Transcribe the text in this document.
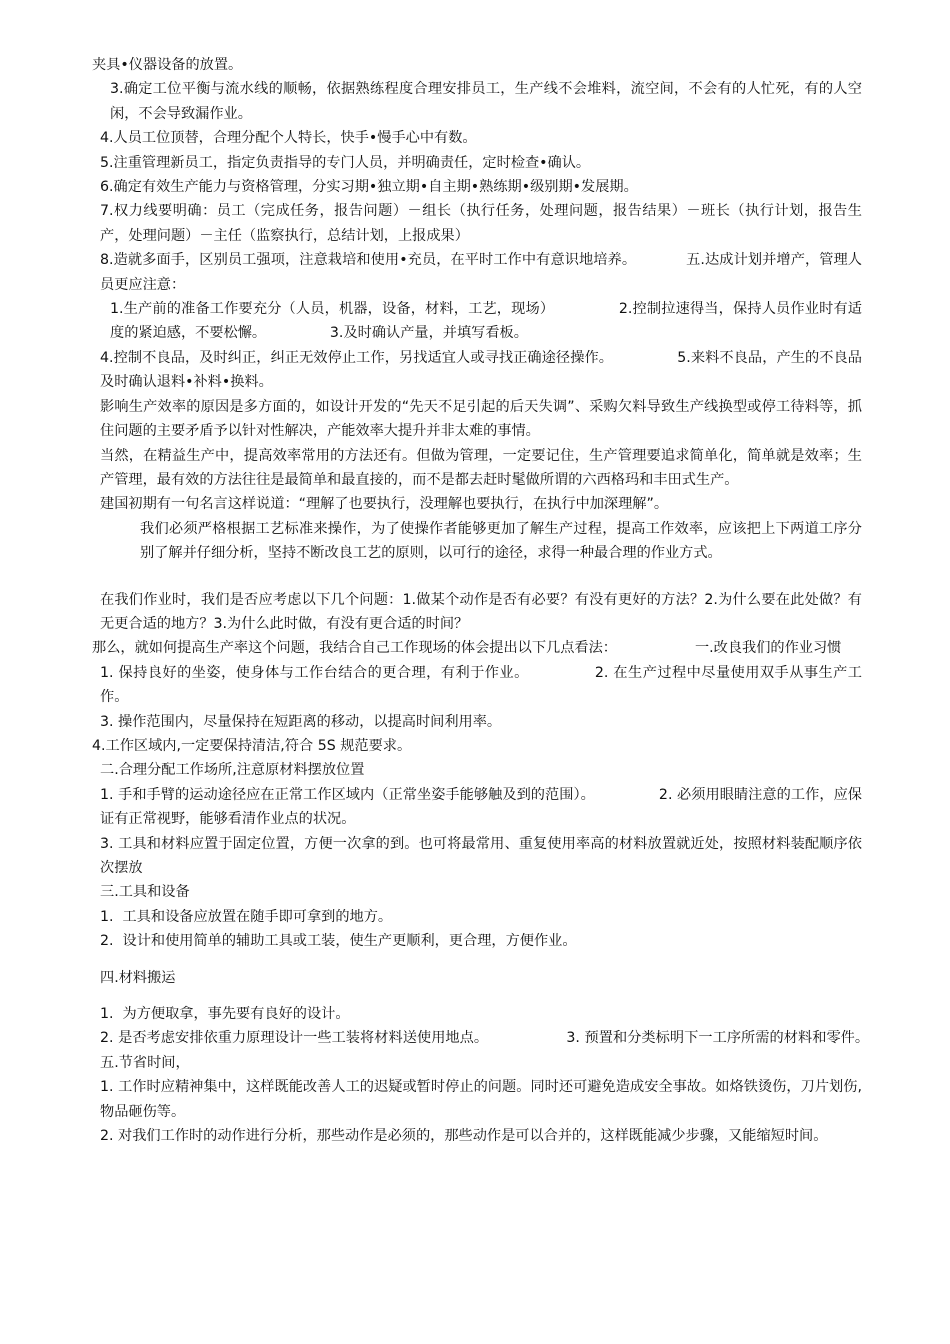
夹具•仪器设备的放置。

3.确定工位平衡与流水线的顺畅，依据熟练程度合理安排员工，生产线不会堆料，流空间，不会有的人忙死，有的人空闲，不会导致漏作业。

4.人员工位顶替，合理分配个人特长，快手•慢手心中有数。

5.注重管理新员工，指定负责指导的专门人员，并明确责任，定时检查•确认。

6.确定有效生产能力与资格管理，分实习期•独立期•自主期•熟练期•级别期•发展期。

7.权力线要明确：员工（完成任务，报告问题）－组长（执行任务，处理问题，报告结果）－班长（执行计划，报告生产，处理问题）－主任（监察执行，总结计划，上报成果）

8.造就多面手，区别员工强项，注意栽培和使用•充员，在平时工作中有意识地培养。　　　　五.达成计划并增产，管理人员更应注意：

1.生产前的准备工作要充分（人员，机器，设备，材料，工艺，现场）　　　　　2.控制拉速得当，保持人员作业时有适度的紧迫感，不要松懈。　　　　　3.及时确认产量，并填写看板。

4.控制不良品，及时纠正，纠正无效停止工作，另找适宜人或寻找正确途径操作。　　　　　5.来料不良品，产生的不良品及时确认退料•补料•换料。

影响生产效率的原因是多方面的，如设计开发的“先天不足引起的后天失调”、采购欠料导致生产线换型或停工待料等，抓住问题的主要矛盾予以针对性解决，产能效率大提升并非太难的事情。

当然，在精益生产中，提高效率常用的方法还有。但做为管理，一定要记住，生产管理要追求简单化，简单就是效率；生产管理，最有效的方法往往是最简单和最直接的，而不是都去赶时髦做所谓的六西格玛和丰田式生产。

建国初期有一句名言这样说道：“理解了也要执行，没理解也要执行，在执行中加深理解”。

我们必须严格根据工艺标准来操作，为了使操作者能够更加了解生产过程，提高工作效率，应该把上下两道工序分别了解并仔细分析，坚持不断改良工艺的原则，以可行的途径，求得一种最合理的作业方式。

在我们作业时，我们是否应考虑以下几个问题：1.做某个动作是否有必要？有没有更好的方法？2.为什么要在此处做？有无更合适的地方？3.为什么此时做，有没有更合适的时间？

那么，就如何提高生产率这个问题，我结合自己工作现场的体会提出以下几点看法：　　　　　　一.改良我们的作业习惯

1. 保持良好的坐姿，使身体与工作台结合的更合理，有利于作业。　　　　　2. 在生产过程中尽量使用双手从事生产工作。

3. 操作范围内，尽量保持在短距离的移动，以提高时间利用率。

4.工作区域内,一定要保持清洁,符合 5S 规范要求。

二.合理分配工作场所,注意原材料摆放位置

1. 手和手臂的运动途径应在正常工作区域内（正常坐姿手能够触及到的范围）。　　　　　2. 必须用眼睛注意的工作，应保证有正常视野，能够看清作业点的状况。

3. 工具和材料应置于固定位置，方便一次拿的到。也可将最常用、重复使用率高的材料放置就近处，按照材料装配顺序依次摆放

三.工具和设备

1.  工具和设备应放置在随手即可拿到的地方。

2.  设计和使用简单的辅助工具或工装，使生产更顺利，更合理，方便作业。

四.材料搬运

1.  为方便取拿，事先要有良好的设计。

2. 是否考虑安排依重力原理设计一些工装将材料送使用地点。　　　　　　3. 预置和分类标明下一工序所需的材料和零件。　　　　　五.节省时间，

1. 工作时应精神集中，这样既能改善人工的迟疑或暂时停止的问题。同时还可避免造成安全事故。如烙铁烫伤，刀片划伤,物品砸伤等。

2. 对我们工作时的动作进行分析，那些动作是必须的，那些动作是可以合并的，这样既能减少步骤，又能缩短时间。
